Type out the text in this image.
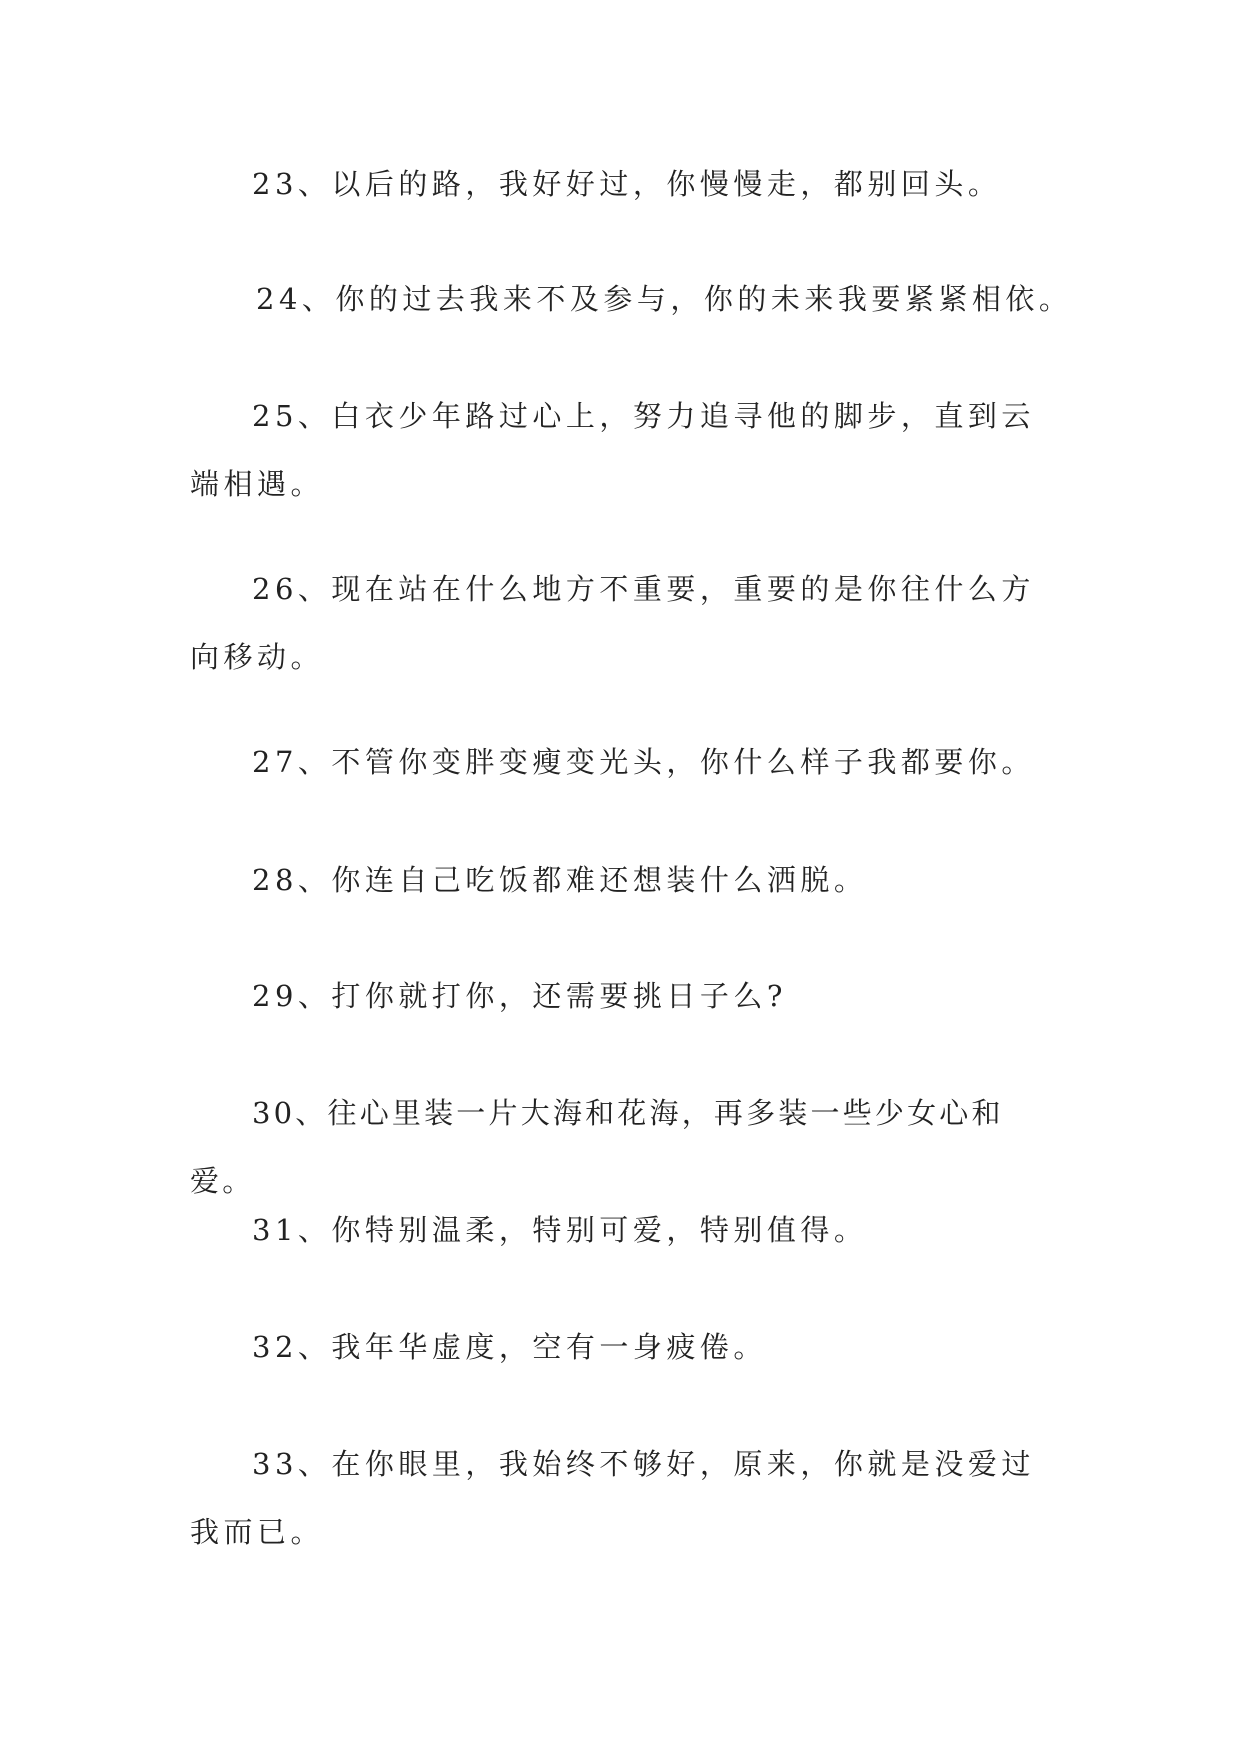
23、以后的路，我好好过，你慢慢走，都别回头。

24、你的过去我来不及参与，你的未来我要紧紧相依。

25、白衣少年路过心上，努力追寻他的脚步，直到云端相遇。

26、现在站在什么地方不重要，重要的是你往什么方向移动。

27、不管你变胖变瘦变光头，你什么样子我都要你。

28、你连自己吃饭都难还想装什么洒脱。

29、打你就打你，还需要挑日子么?

30、往心里装一片大海和花海，再多装一些少女心和爱。

31、你特别温柔，特别可爱，特别值得。

32、我年华虚度，空有一身疲倦。

33、在你眼里，我始终不够好，原来，你就是没爱过我而已。
